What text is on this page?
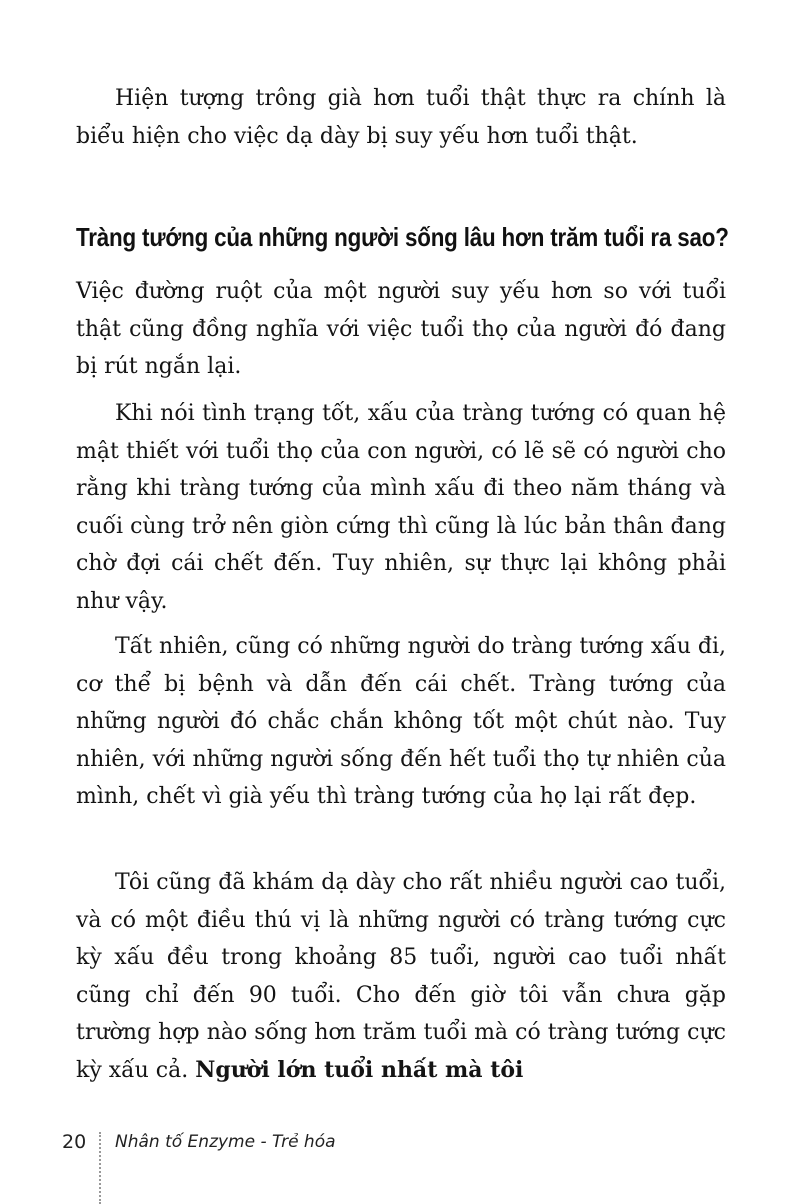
Hiện tượng trông già hơn tuổi thật thực ra chính là biểu hiện cho việc dạ dày bị suy yếu hơn tuổi thật.

Tràng tướng của những người sống lâu hơn trăm tuổi ra sao?

Việc đường ruột của một người suy yếu hơn so với tuổi thật cũng đồng nghĩa với việc tuổi thọ của người đó đang bị rút ngắn lại.

Khi nói tình trạng tốt, xấu của tràng tướng có quan hệ mật thiết với tuổi thọ của con người, có lẽ sẽ có người cho rằng khi tràng tướng của mình xấu đi theo năm tháng và cuối cùng trở nên giòn cứng thì cũng là lúc bản thân đang chờ đợi cái chết đến. Tuy nhiên, sự thực lại không phải như vậy.

Tất nhiên, cũng có những người do tràng tướng xấu đi, cơ thể bị bệnh và dẫn đến cái chết. Tràng tướng của những người đó chắc chắn không tốt một chút nào. Tuy nhiên, với những người sống đến hết tuổi thọ tự nhiên của mình, chết vì già yếu thì tràng tướng của họ lại rất đẹp.

Tôi cũng đã khám dạ dày cho rất nhiều người cao tuổi, và có một điều thú vị là những người có tràng tướng cực kỳ xấu đều trong khoảng 85 tuổi, người cao tuổi nhất cũng chỉ đến 90 tuổi. Cho đến giờ tôi vẫn chưa gặp trường hợp nào sống hơn trăm tuổi mà có tràng tướng cực kỳ xấu cả. Người lớn tuổi nhất mà tôi

20 Nhân tố Enzyme - Trẻ hóa
